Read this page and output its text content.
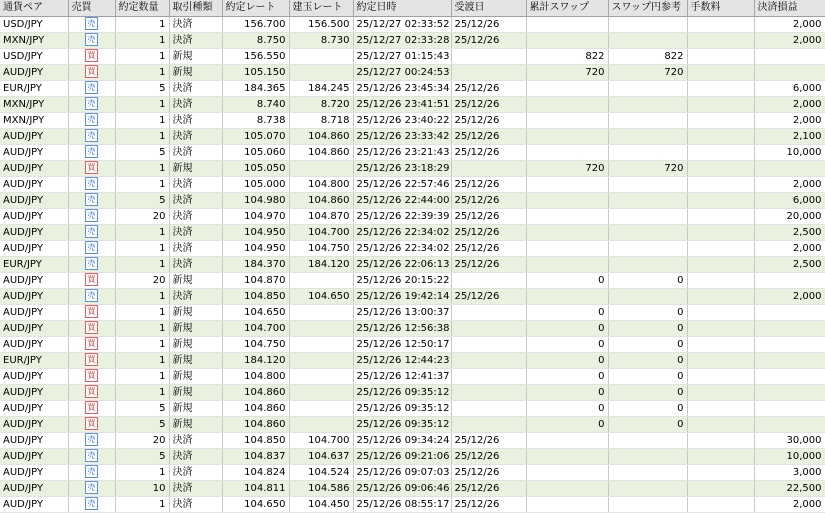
通貨ペア	売買	約定数量	取引種類	約定レート	建玉レート	約定日時	受渡日	累計スワップ	スワップ円参考	手数料	決済損益
USD/JPY	売	1	決済	156.700	156.500	25/12/27 02:33:52	25/12/26				2,000
MXN/JPY	売	1	決済	8.750	8.730	25/12/27 02:33:28	25/12/26				2,000
USD/JPY	買	1	新規	156.550		25/12/27 01:15:43		822	822		
AUD/JPY	買	1	新規	105.150		25/12/27 00:24:53		720	720		
EUR/JPY	売	5	決済	184.365	184.245	25/12/26 23:45:34	25/12/26				6,000
MXN/JPY	売	1	決済	8.740	8.720	25/12/26 23:41:51	25/12/26				2,000
MXN/JPY	売	1	決済	8.738	8.718	25/12/26 23:40:22	25/12/26				2,000
AUD/JPY	売	1	決済	105.070	104.860	25/12/26 23:33:42	25/12/26				2,100
AUD/JPY	売	5	決済	105.060	104.860	25/12/26 23:21:43	25/12/26				10,000
AUD/JPY	買	1	新規	105.050		25/12/26 23:18:29		720	720		
AUD/JPY	売	1	決済	105.000	104.800	25/12/26 22:57:46	25/12/26				2,000
AUD/JPY	売	5	決済	104.980	104.860	25/12/26 22:44:00	25/12/26				6,000
AUD/JPY	売	20	決済	104.970	104.870	25/12/26 22:39:39	25/12/26				20,000
AUD/JPY	売	1	決済	104.950	104.700	25/12/26 22:34:02	25/12/26				2,500
AUD/JPY	売	1	決済	104.950	104.750	25/12/26 22:34:02	25/12/26				2,000
EUR/JPY	売	1	決済	184.370	184.120	25/12/26 22:06:13	25/12/26				2,500
AUD/JPY	買	20	新規	104.870		25/12/26 20:15:22		0	0		
AUD/JPY	売	1	決済	104.850	104.650	25/12/26 19:42:14	25/12/26				2,000
AUD/JPY	買	1	新規	104.650		25/12/26 13:00:37		0	0		
AUD/JPY	買	1	新規	104.700		25/12/26 12:56:38		0	0		
AUD/JPY	買	1	新規	104.750		25/12/26 12:50:17		0	0		
EUR/JPY	買	1	新規	184.120		25/12/26 12:44:23		0	0		
AUD/JPY	買	1	新規	104.800		25/12/26 12:41:37		0	0		
AUD/JPY	買	1	新規	104.860		25/12/26 09:35:12		0	0		
AUD/JPY	買	5	新規	104.860		25/12/26 09:35:12		0	0		
AUD/JPY	買	5	新規	104.860		25/12/26 09:35:12		0	0		
AUD/JPY	売	20	決済	104.850	104.700	25/12/26 09:34:24	25/12/26				30,000
AUD/JPY	売	5	決済	104.837	104.637	25/12/26 09:21:06	25/12/26				10,000
AUD/JPY	売	1	決済	104.824	104.524	25/12/26 09:07:03	25/12/26				3,000
AUD/JPY	売	10	決済	104.811	104.586	25/12/26 09:06:46	25/12/26				22,500
AUD/JPY	売	1	決済	104.650	104.450	25/12/26 08:55:17	25/12/26				2,000
